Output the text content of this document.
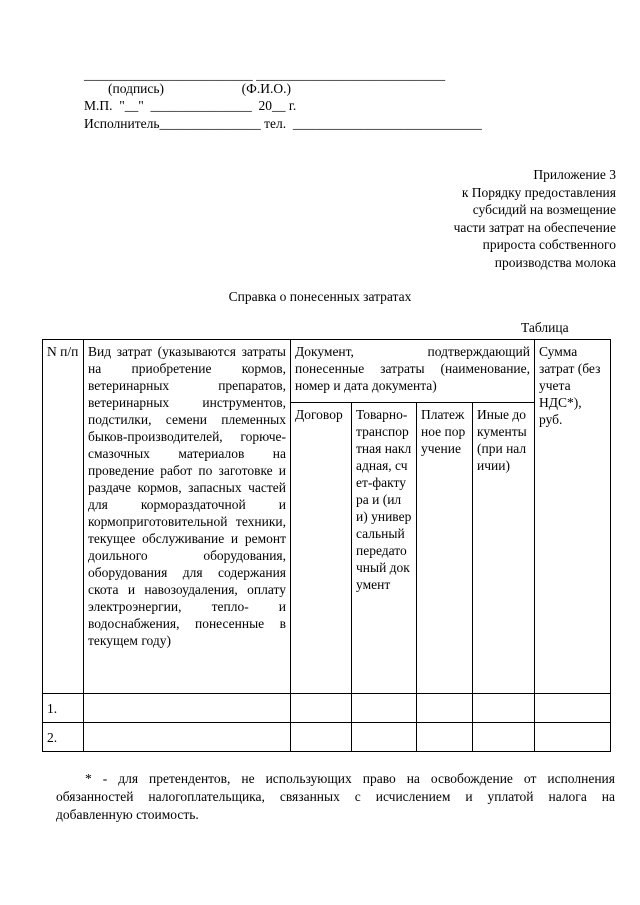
_________________________ ____________________________
(подпись)                       (Ф.И.О.)
М.П.  "__"  _______________  20__ г.
Исполнитель_______________ тел.  ____________________________
Приложение 3
к Порядку предоставления
субсидий на возмещение
части затрат на обеспечение
прироста собственного
производства молока
Справка о понесенных затратах
Таблица
N п/п	Вид затрат (указываются затраты на приобретение кормов, ветеринарных препаратов, ветеринарных инструментов, подстилки, семени племенных быков-производителей, горюче-смазочных материалов на проведение работ по заготовке и раздаче кормов, запасных частей для кормораздаточной и кормоприготовительной техники, текущее обслуживание и ремонт доильного оборудования, оборудования для содержания скота и навозоудаления, оплату электроэнергии, тепло- и водоснабжения, понесенные в текущем году)	Документ, подтверждающий понесенные затраты (наименование, номер и дата документа)				Сумма затрат (без учета НДС*), руб.
		Договор	Товарно-транспортная накладная, счет-фактура и (или) универсальный передаточный документ	Платежное поручение	Иные документы (при наличии)	
1.						
2.						
* - для претендентов, не использующих право на освобождение от исполнения
обязанностей налогоплательщика, связанных с исчислением и уплатой налога на
добавленную стоимость.
